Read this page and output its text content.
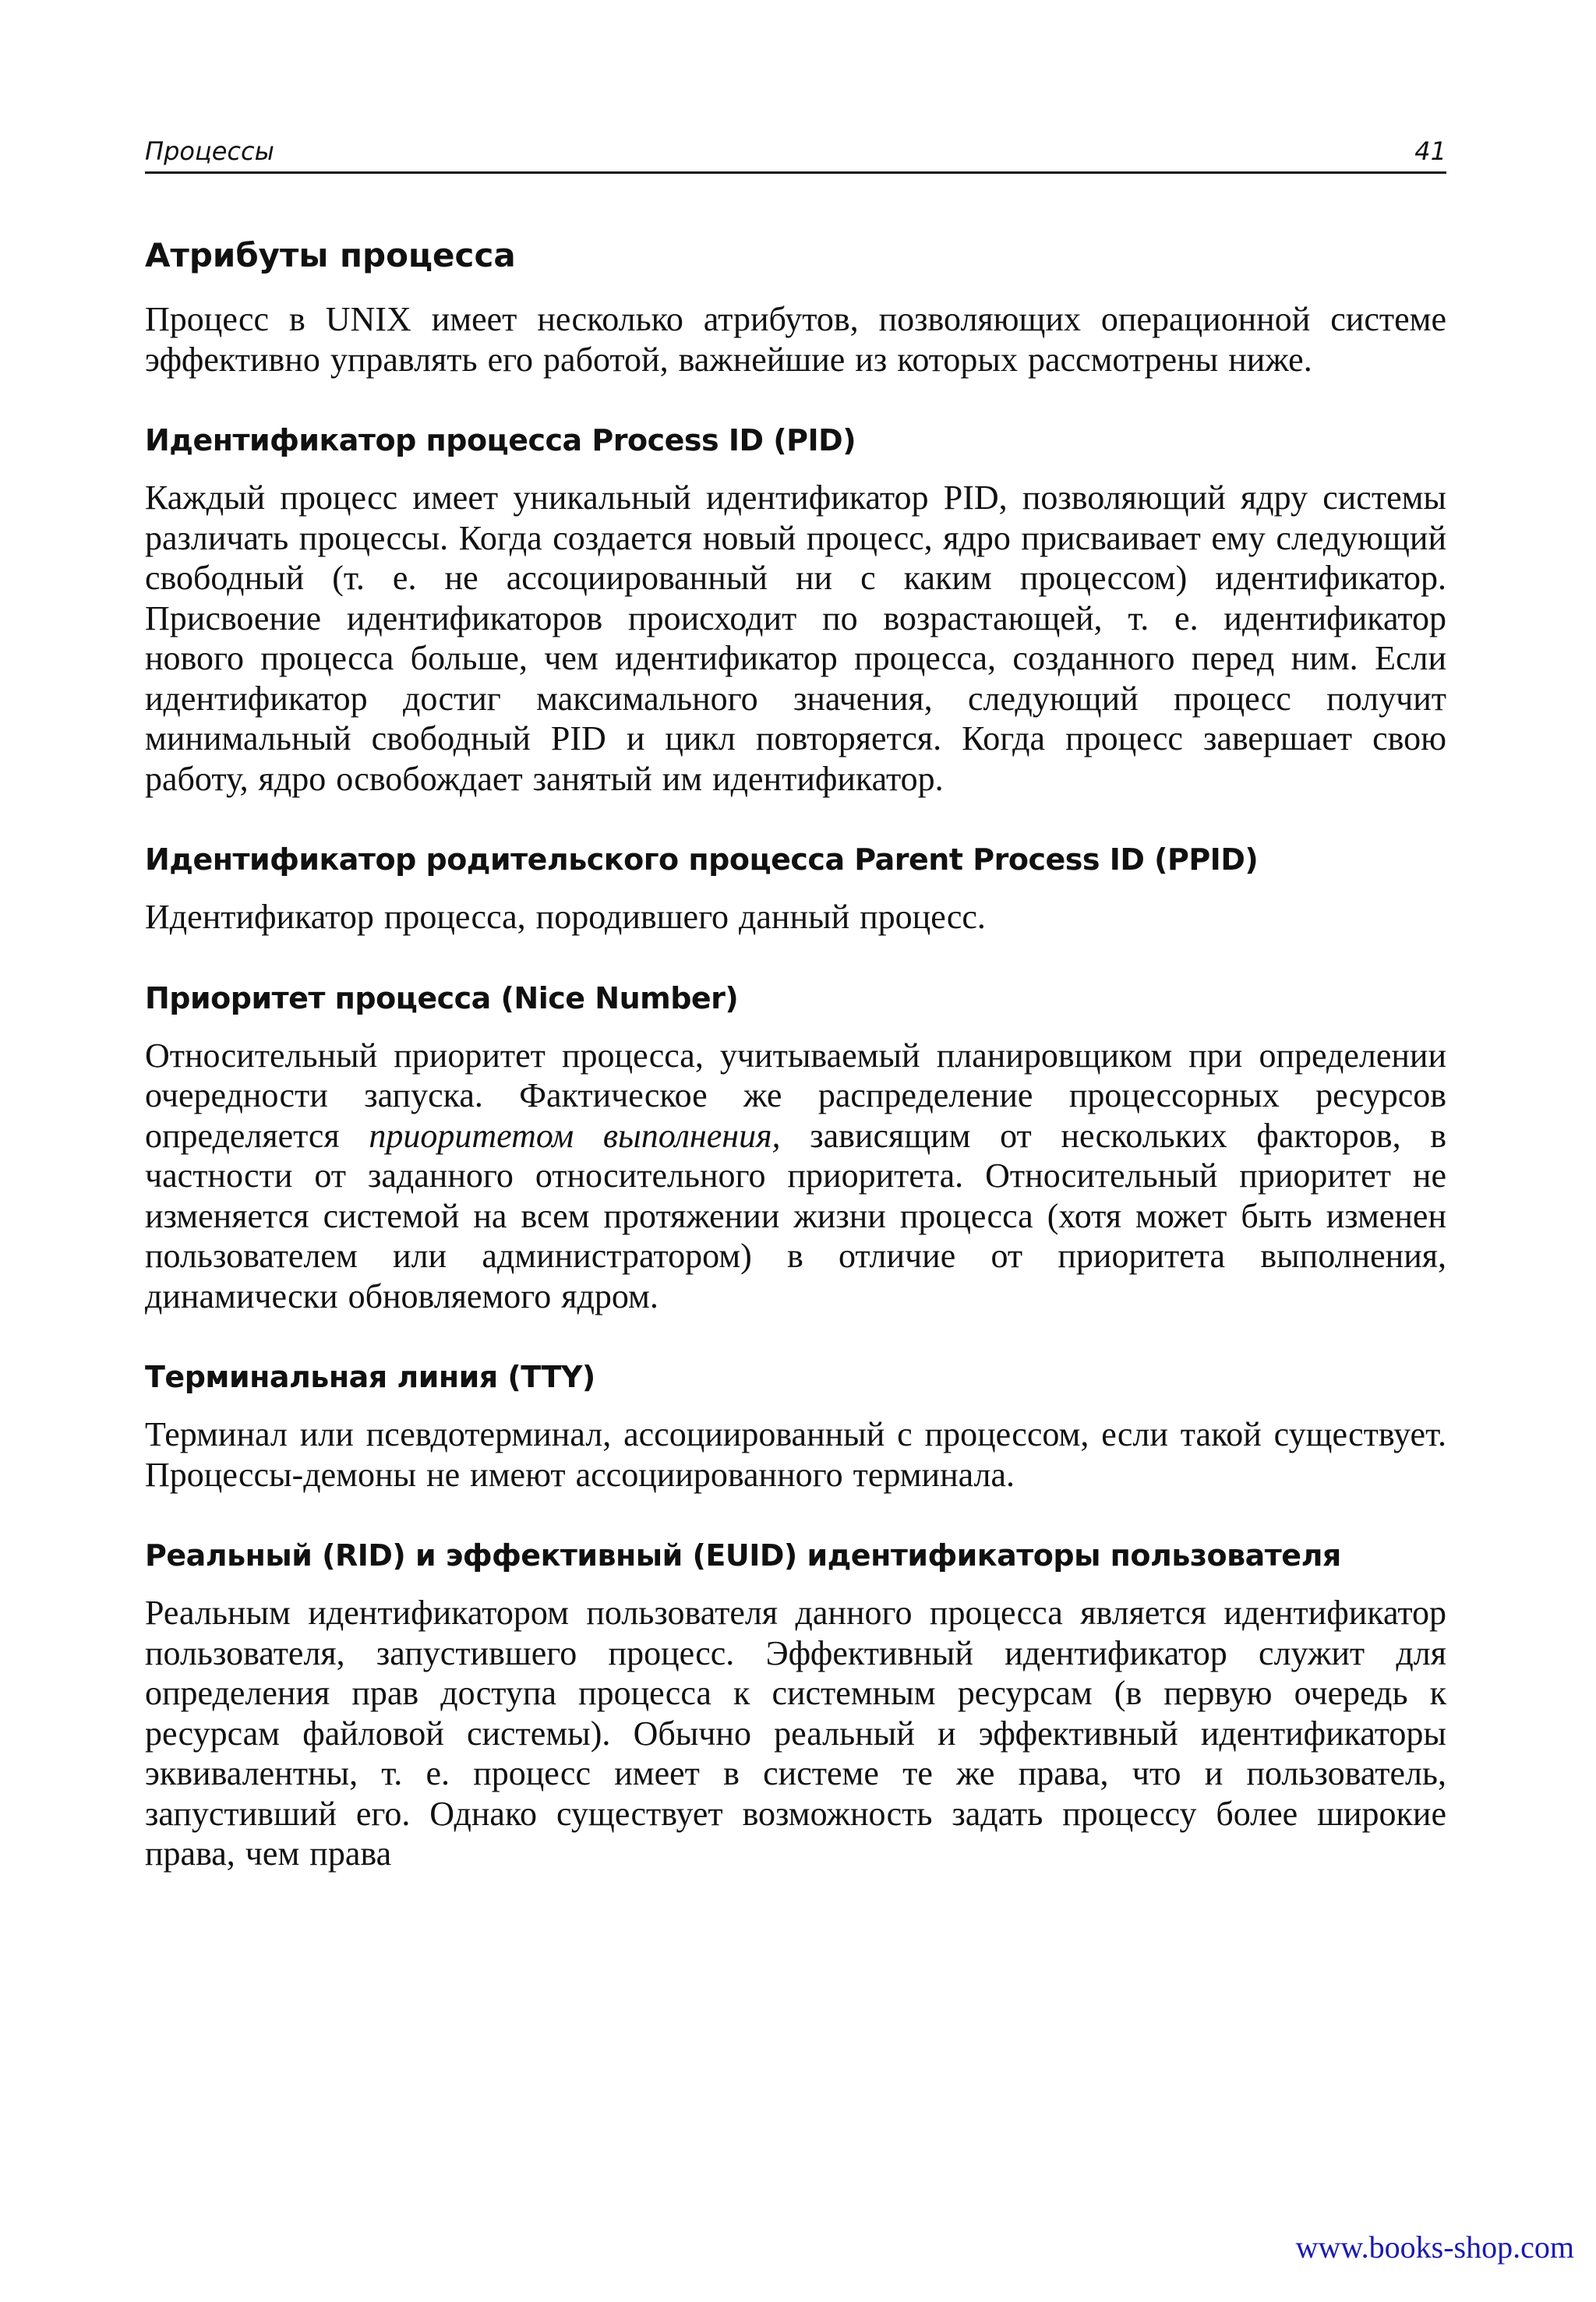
Процессы	41
Атрибуты процесса

Процесс в UNIX имеет несколько атрибутов, позволяющих операционной системе эффективно управлять его работой, важнейшие из которых рассмотрены ниже.

Идентификатор процесса Process ID (PID)

Каждый процесс имеет уникальный идентификатор PID, позволяющий ядру системы различать процессы. Когда создается новый процесс, ядро присваивает ему следующий свободный (т. е. не ассоциированный ни с каким процессом) идентификатор. Присвоение идентификаторов происходит по возрастающей, т. е. идентификатор нового процесса больше, чем идентификатор процесса, созданного перед ним. Если идентификатор достиг максимального значения, следующий процесс получит минимальный свободный PID и цикл повторяется. Когда процесс завершает свою работу, ядро освобождает занятый им идентификатор.

Идентификатор родительского процесса Parent Process ID (PPID)

Идентификатор процесса, породившего данный процесс.

Приоритет процесса (Nice Number)

Относительный приоритет процесса, учитываемый планировщиком при определении очередности запуска. Фактическое же распределение процессорных ресурсов определяется приоритетом выполнения, зависящим от нескольких факторов, в частности от заданного относительного приоритета. Относительный приоритет не изменяется системой на всем протяжении жизни процесса (хотя может быть изменен пользователем или администратором) в отличие от приоритета выполнения, динамически обновляемого ядром.

Терминальная линия (TTY)

Терминал или псевдотерминал, ассоциированный с процессом, если такой существует. Процессы-демоны не имеют ассоциированного терминала.

Реальный (RID) и эффективный (EUID) идентификаторы пользователя

Реальным идентификатором пользователя данного процесса является идентификатор пользователя, запустившего процесс. Эффективный идентификатор служит для определения прав доступа процесса к системным ресурсам (в первую очередь к ресурсам файловой системы). Обычно реальный и эффективный идентификаторы эквивалентны, т. е. процесс имеет в системе те же права, что и пользователь, запустивший его. Однако существует возможность задать процессу более широкие права, чем права

www.books-shop.com
